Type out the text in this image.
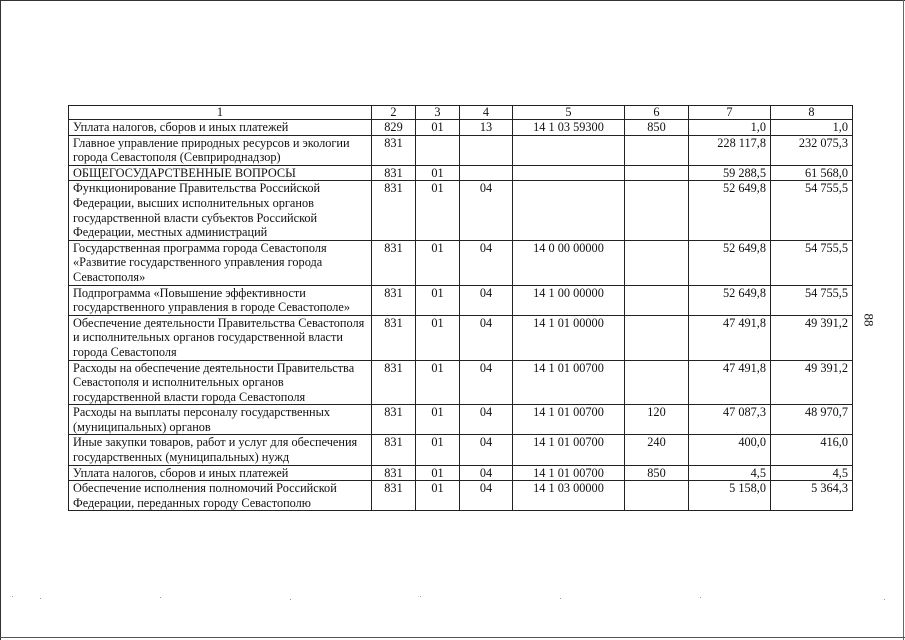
1	2	3	4	5	6	7	8
Уплата налогов, сборов и иных платежей	829	01	13	14 1 03 59300	850	1,0	1,0
Главное управление природных ресурсов и экологии города Севастополя (Севприроднадзор)	831					228 117,8	232 075,3
ОБЩЕГОСУДАРСТВЕННЫЕ ВОПРОСЫ	831	01				59 288,5	61 568,0
Функционирование Правительства Российской Федерации, высших исполнительных органов государственной власти субъектов Российской Федерации, местных администраций	831	01	04			52 649,8	54 755,5
Государственная программа города Севастополя «Развитие государственного управления города Севастополя»	831	01	04	14 0 00 00000		52 649,8	54 755,5
Подпрограмма «Повышение эффективности государственного управления в городе Севастополе»	831	01	04	14 1 00 00000		52 649,8	54 755,5
Обеспечение деятельности Правительства Севастополя и исполнительных органов государственной власти города Севастополя	831	01	04	14 1 01 00000		47 491,8	49 391,2
Расходы на обеспечение деятельности Правительства Севастополя и исполнительных органов государственной власти города Севастополя	831	01	04	14 1 01 00700		47 491,8	49 391,2
Расходы на выплаты персоналу государственных (муниципальных) органов	831	01	04	14 1 01 00700	120	47 087,3	48 970,7
Иные закупки товаров, работ и услуг для обеспечения государственных (муниципальных) нужд	831	01	04	14 1 01 00700	240	400,0	416,0
Уплата налогов, сборов и иных платежей	831	01	04	14 1 01 00700	850	4,5	4,5
Обеспечение исполнения полномочий Российской Федерации, переданных городу Севастополю	831	01	04	14 1 03 00000		5 158,0	5 364,3
88
